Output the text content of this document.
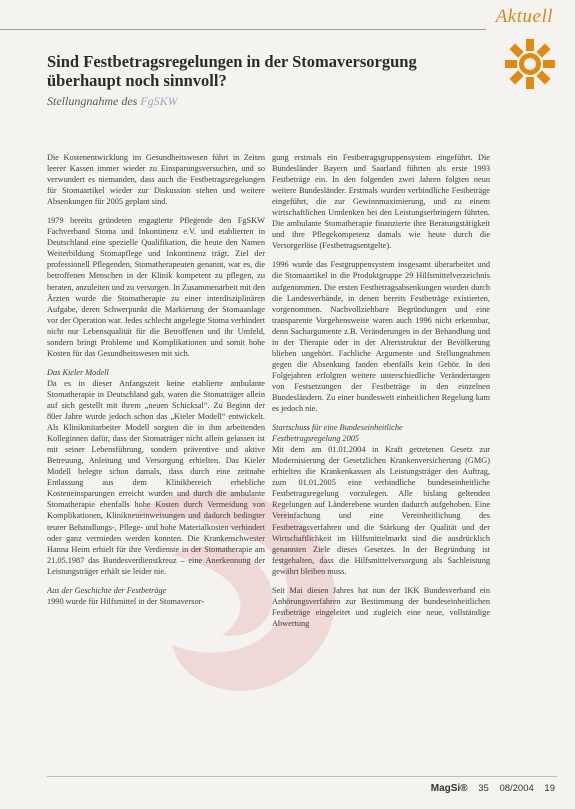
Aktuell
Sind Festbetragsregelungen in der Stomaversorgung überhaupt noch sinnvoll?
Stellungnahme des FgSKW

Die Kostenentwicklung im Gesundheitswesen führt in Zeiten leerer Kassen immer wieder zu Einsparungsversuchen, und so verwundert es niemanden, dass auch die Festbetragsregelungen für Stomaartikel wieder zur Diskussion stehen und weitere Absenkungen für 2005 geplant sind.

1979 bereits gründeten engagierte Pflegende den FgSKW Fachverband Stoma und Inkontinenz e.V. und etablierten in Deutschland eine spezielle Qualifikation, die heute den Namen Weiterbildung Stomapflege und Inkontinenz trägt. Ziel der professionell Pflegenden, Stomatherapeuten genannt, war es, die betroffenen Menschen in der Klinik kompetent zu pflegen, zu beraten, anzuleiten und zu versorgen. In Zusammenarbeit mit den Ärzten wurde die Stomatherapie zu einer interdisziplinären Aufgabe, deren Schwerpunkt die Markierung der Stomaanlage vor der Operation war. Jedes schlecht angelegte Stoma verhindert nicht nur Lebensqualität für die Betroffenen und ihr Umfeld, sondern bringt Probleme und Komplikationen und somit hohe Kosten für das Gesundheitswesen mit sich.

Das Kieler Modell

Da es in dieser Anfangszeit keine etablierte ambulante Stomatherapie in Deutschland gab, waren die Stomaträger allein auf sich gestellt mit ihrem „neuen Schicksal“. Zu Beginn der 80er Jahre wurde jedoch schon das „Kieler Modell“ entwickelt. Als Klinikmitarbeiter Modell sorgten die in ihm arbeitenden Kolleginnen dafür, dass der Stomaträger nicht allein gelassen ist mit seiner Lebensführung, sondern präventive und aktive Betreuung, Anleitung und Versorgung erhielten. Das Kieler Modell belegte schon damals, dass durch eine zeitnahe Entlassung aus dem Klinikbereich erhebliche Kosteneinsparungen erreicht wurden und durch die ambulante Stomatherapie ebenfalls hohe Kosten durch Vermeidung von Komplikationen, Klinikneueinweisungen und dadurch bedingter teurer Behandlungs-, Pflege- und hohe Materialkosten verhindert oder ganz vermieden werden konnten. Die Krankenschwester Hanna Heim erhielt für ihre Verdienste in der Stomatherapie am 21.05.1987 das Bundesverdienstkreuz – eine Anerkennung der Leistungsträger erhält sie leider nie.

Aus der Geschichte der Festbeträge

1990 wurde für Hilfsmittel in der Stomaversor-

gung erstmals ein Festbetragsgruppensystem eingeführt. Die Bundesländer Bayern und Saarland führten als erste 1993 Festbeträge ein. In den folgenden zwei Jahren folgten neun weitere Bundesländer. Erstmals wurden verbindliche Festbeträge eingeführt, die zur Gewinnmaximierung, und zu einem wirtschaftlichen Umdenken bei den Leistungserbringern führten. Die ambulante Stomatherapie finanzierte ihre Beratungstätigkeit und ihre Pflegekompetenz damals wie heute durch die Versorgerlöse (Festbetragsentgelte).

1996 wurde das Festgruppensystem insgesamt überarbeitet und die Stomaartikel in die Produktgruppe 29 Hilfsmittelverzeichnis aufgenommen. Die ersten Festbetragsabsenkungen wurden durch die Landesverbände, in denen bereits Festbeträge existierten, vorgenommen. Nachvollziehbare Begründungen und eine transparente Vorgehensweise waren auch 1996 nicht erkennbar, denn Sachargumente z.B. Veränderungen in der Behandlung und in der Therapie oder in der Altersstruktur der Bevölkerung blieben ungehört. Fachliche Argumente und Stellungnahmen gegen die Absenkung fanden ebenfalls kein Gehör. In den Folgejahren erfolgten weitere unterschiedliche Veränderungen von Festsetzungen der Festbeträge in den einzelnen Bundesländern. Zu einer bundesweit einheitlichen Regelung kam es jedoch nie.

Startschuss für eine Bundeseinheitliche

Festbetragsregelung 2005

Mit dem am 01.01.2004 in Kraft getretenen Gesetz zur Modernisierung der Gesetzlichen Krankenversicherung (GMG) erhielten die Krankenkassen als Leistungsträger den Auftrag, zum 01.01.2005 eine verbindliche bundeseinheitliche Festbetragsregelung vorzulegen. Alle bislang geltenden Regelungen auf Länderebene wurden dadurch aufgehoben. Eine Vereinfachung und eine Vereinheitlichung des Festbetragsverfahren und die Stärkung der Qualität und der Wirtschaftlichkeit im Hilfsmittelmarkt sind die ausdrücklich genannten Ziele dieses Gesetzes. In der Begründung ist festgehalten, dass die Hilfsmittelversorgung als Sachleistung gewährt bleiben muss.

Seit Mai diesen Jahres hat nun der IKK Bundesverband ein Anhörungsverfahren zur Bestimmung der bundeseinheitlichen Festbeträge eingeleitet und zugleich eine neue, vollständige Abwertung

MagSi® 35 08/2004 19
